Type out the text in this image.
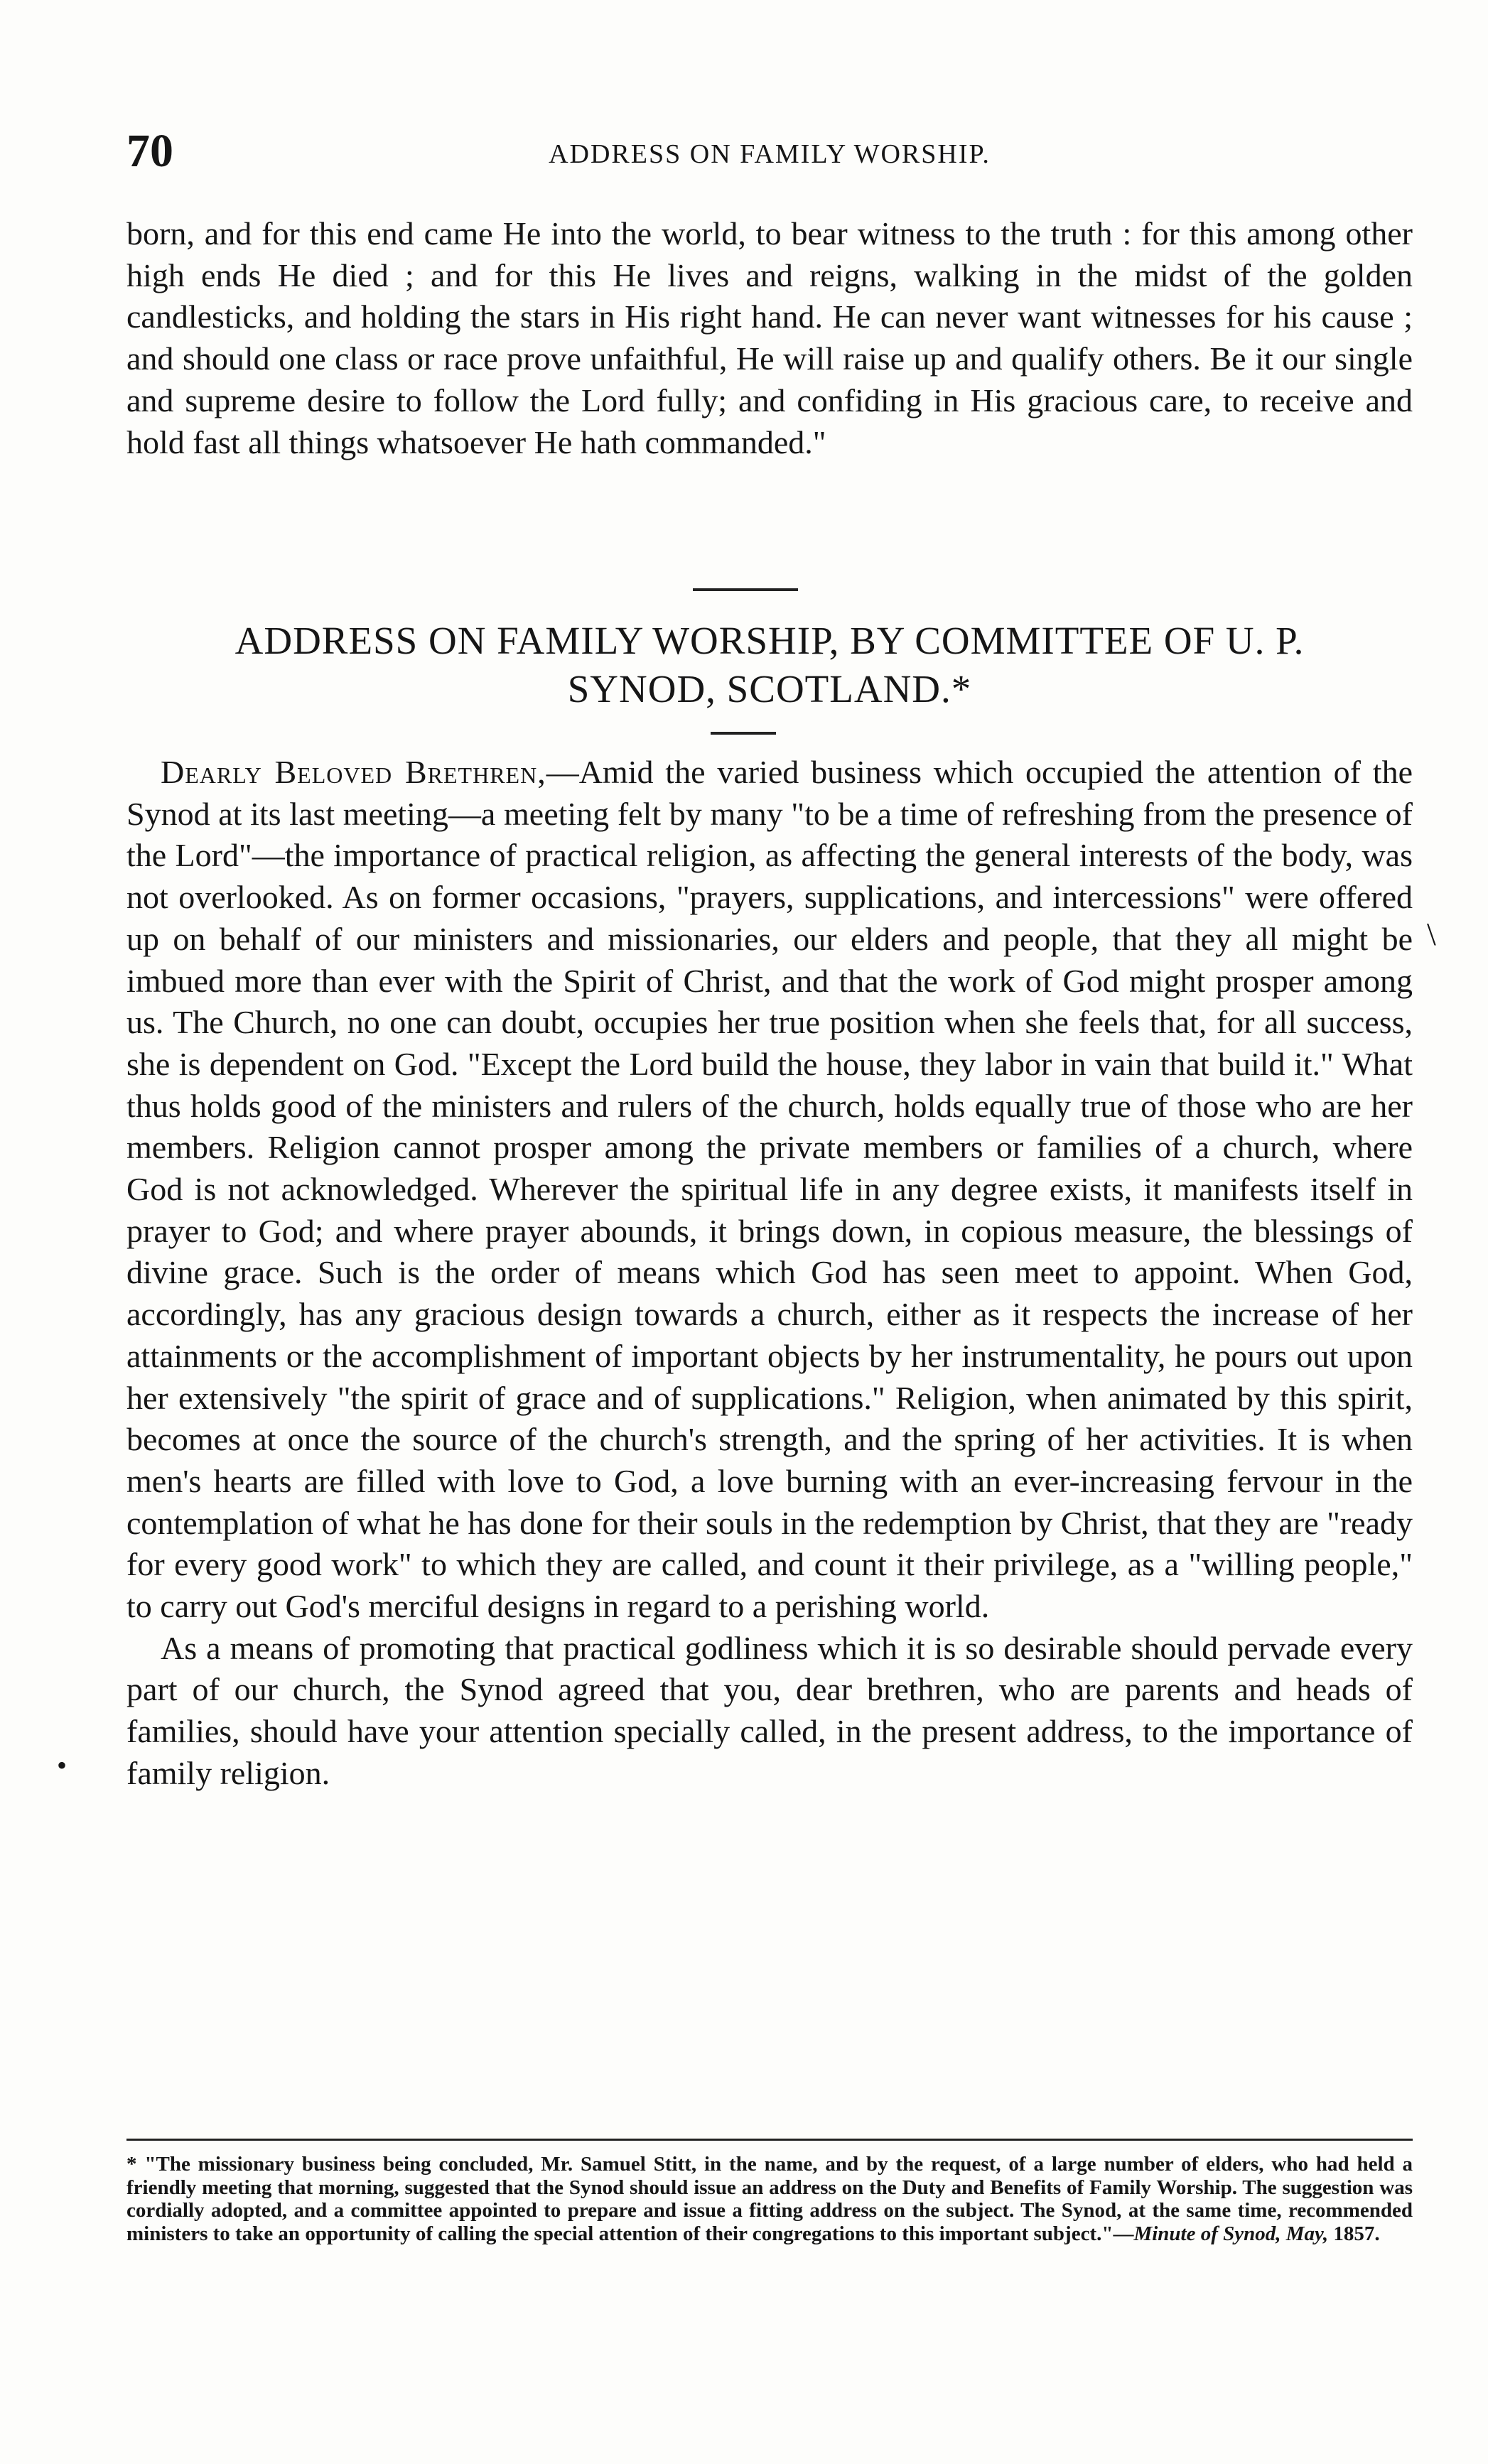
70	ADDRESS ON FAMILY WORSHIP.

born, and for this end came He into the world, to bear witness to the truth : for this among other high ends He died ; and for this He lives and reigns, walking in the midst of the golden candlesticks, and holding the stars in His right hand. He can never want witnesses for his cause ; and should one class or race prove unfaithful, He will raise up and qualify others. Be it our single and supreme desire to follow the Lord fully; and confiding in His gracious care, to receive and hold fast all things whatsoever He hath commanded."

ADDRESS ON FAMILY WORSHIP, BY COMMITTEE OF U. P.
SYNOD, SCOTLAND.*

Dearly Beloved Brethren,—Amid the varied business which occupied the attention of the Synod at its last meeting—a meeting felt by many "to be a time of refreshing from the presence of the Lord"—the importance of practical religion, as affecting the general interests of the body, was not overlooked. As on former occasions, "prayers, supplications, and intercessions" were offered up on behalf of our ministers and missionaries, our elders and people, that they all might be imbued more than ever with the Spirit of Christ, and that the work of God might prosper among us. The Church, no one can doubt, occupies her true position when she feels that, for all success, she is dependent on God. "Except the Lord build the house, they labor in vain that build it." What thus holds good of the ministers and rulers of the church, holds equally true of those who are her members. Religion cannot prosper among the private members or families of a church, where God is not acknowledged. Wherever the spiritual life in any degree exists, it manifests itself in prayer to God; and where prayer abounds, it brings down, in copious measure, the blessings of divine grace. Such is the order of means which God has seen meet to appoint. When God, accordingly, has any gracious design towards a church, either as it respects the increase of her attainments or the accomplishment of important objects by her instrumentality, he pours out upon her extensively "the spirit of grace and of supplications." Religion, when animated by this spirit, becomes at once the source of the church's strength, and the spring of her activities. It is when men's hearts are filled with love to God, a love burning with an ever-increasing fervour in the contemplation of what he has done for their souls in the redemption by Christ, that they are "ready for every good work" to which they are called, and count it their privilege, as a "willing people," to carry out God's merciful designs in regard to a perishing world.

As a means of promoting that practical godliness which it is so desirable should pervade every part of our church, the Synod agreed that you, dear brethren, who are parents and heads of families, should have your attention specially called, in the present address, to the importance of family religion.

\
•
* "The missionary business being concluded, Mr. Samuel Stitt, in the name, and by the request, of a large number of elders, who had held a friendly meeting that morning, suggested that the Synod should issue an address on the Duty and Benefits of Family Worship. The suggestion was cordially adopted, and a committee appointed to prepare and issue a fitting address on the subject. The Synod, at the same time, recommended ministers to take an opportunity of calling the special attention of their congregations to this important subject."—Minute of Synod, May, 1857.
